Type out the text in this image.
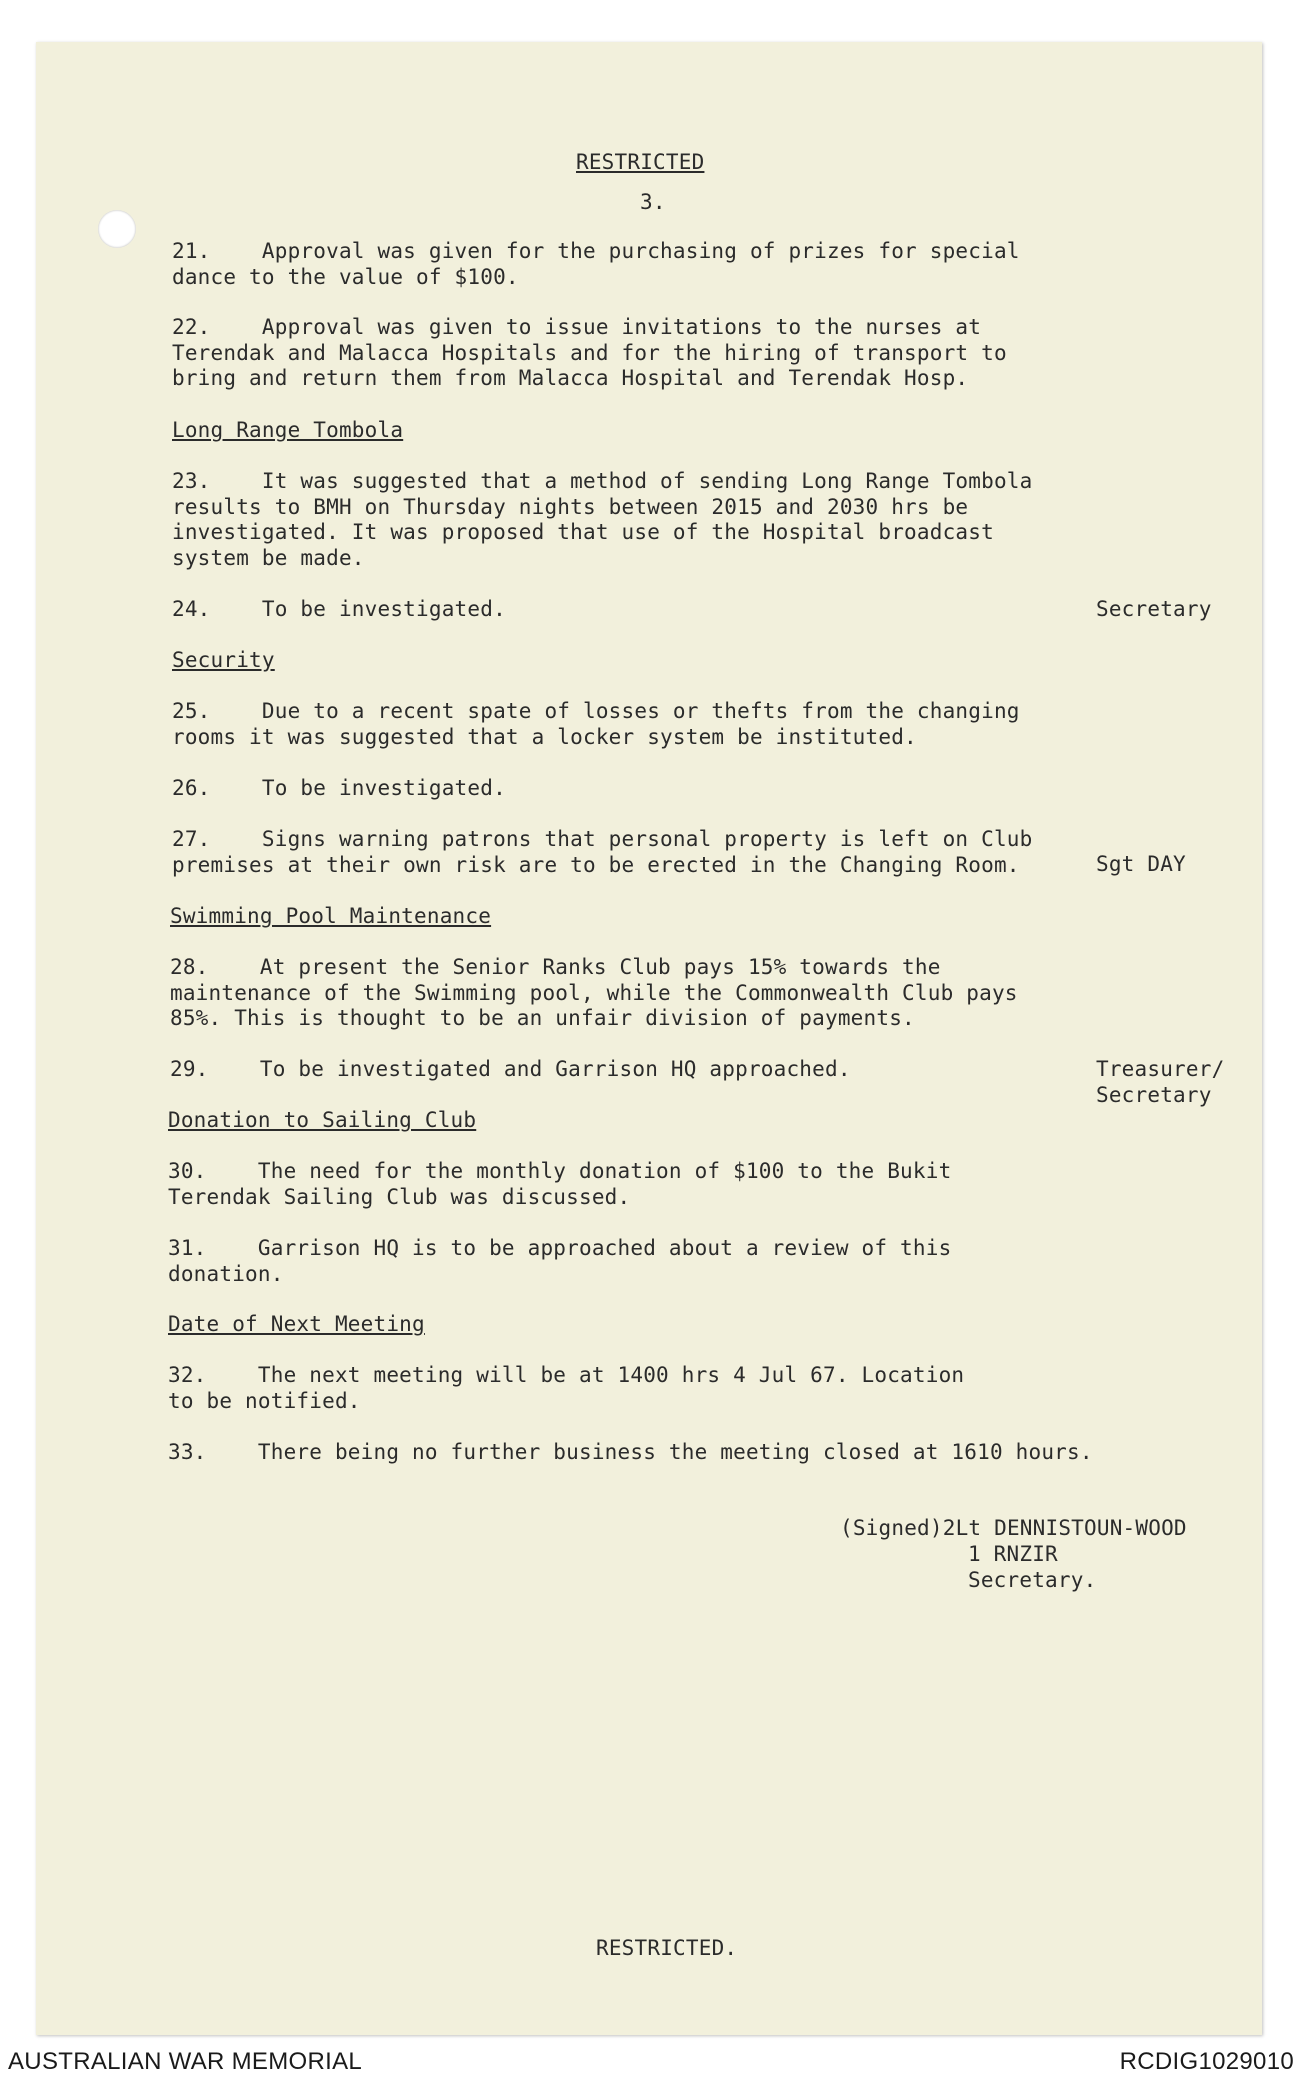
RESTRICTED
3.
21.    Approval was given for the purchasing of prizes for special
dance to the value of $100.
22.    Approval was given to issue invitations to the nurses at
Terendak and Malacca Hospitals and for the hiring of transport to
bring and return them from Malacca Hospital and Terendak Hosp.
Long Range Tombola
23.    It was suggested that a method of sending Long Range Tombola
results to BMH on Thursday nights between 2015 and 2030 hrs be
investigated. It was proposed that use of the Hospital broadcast
system be made.
24.    To be investigated.	Secretary
Security
25.    Due to a recent spate of losses or thefts from the changing
rooms it was suggested that a locker system be instituted.
26.    To be investigated.
27.    Signs warning patrons that personal property is left on Club
premises at their own risk are to be erected in the Changing Room.	Sgt DAY
Swimming Pool Maintenance
28.    At present the Senior Ranks Club pays 15% towards the
maintenance of the Swimming pool, while the Commonwealth Club pays
85%. This is thought to be an unfair division of payments.
29.    To be investigated and Garrison HQ approached.	Treasurer/
Secretary
Donation to Sailing Club
30.    The need for the monthly donation of $100 to the Bukit
Terendak Sailing Club was discussed.
31.    Garrison HQ is to be approached about a review of this
donation.
Date of Next Meeting
32.    The next meeting will be at 1400 hrs 4 Jul 67. Location
to be notified.
33.    There being no further business the meeting closed at 1610 hours.
(Signed)2Lt DENNISTOUN-WOOD
1 RNZIR
Secretary.
RESTRICTED.
AUSTRALIAN WAR MEMORIAL	RCDIG1029010
